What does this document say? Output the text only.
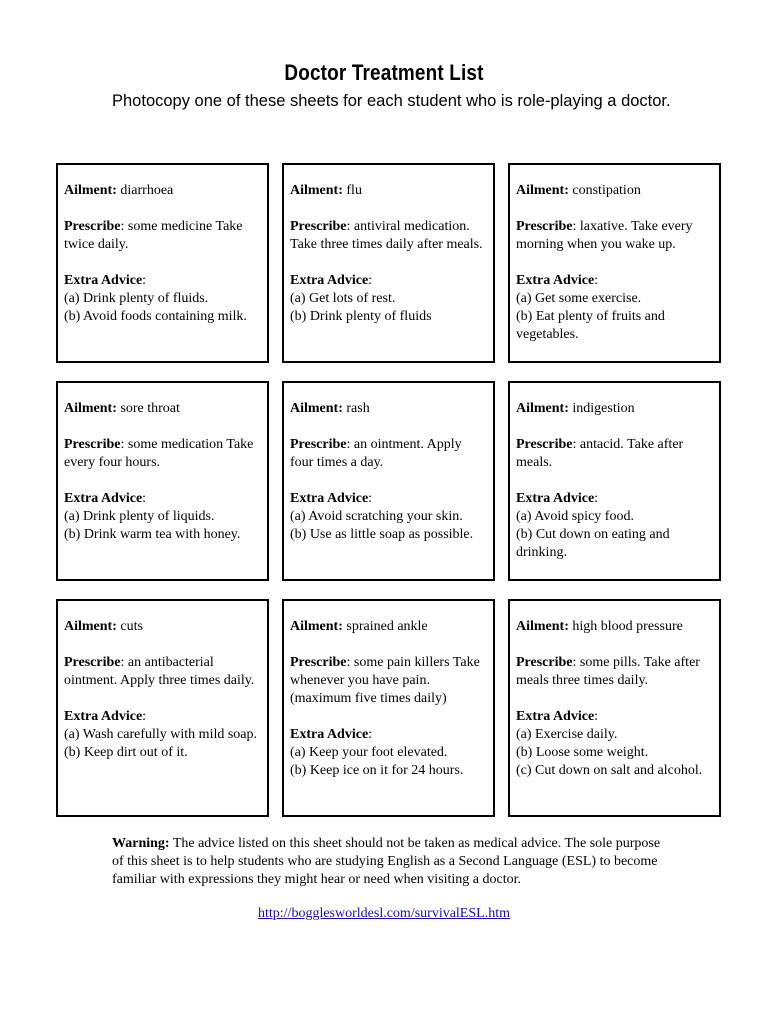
Doctor Treatment List
Photocopy one of these sheets for each student who is role-playing a doctor.

Ailment: diarrhoea

Prescribe: some medicine Take twice daily.

Extra Advice:

(a) Drink plenty of fluids.

(b) Avoid foods containing milk.

Ailment: flu

Prescribe: antiviral medication. Take three times daily after meals.

Extra Advice:

(a) Get lots of rest.

(b) Drink plenty of fluids

Ailment: constipation

Prescribe: laxative. Take every morning when you wake up.

Extra Advice:

(a) Get some exercise.

(b) Eat plenty of fruits and vegetables.

Ailment: sore throat

Prescribe: some medication Take every four hours.

Extra Advice:

(a) Drink plenty of liquids.

(b) Drink warm tea with honey.

Ailment: rash

Prescribe: an ointment. Apply four times a day.

Extra Advice:

(a) Avoid scratching your skin.

(b) Use as little soap as possible.

Ailment: indigestion

Prescribe: antacid. Take after meals.

Extra Advice:

(a) Avoid spicy food.

(b) Cut down on eating and drinking.

Ailment: cuts

Prescribe: an antibacterial ointment. Apply three times daily.

Extra Advice:

(a) Wash carefully with mild soap.

(b) Keep dirt out of it.

Ailment: sprained ankle

Prescribe: some pain killers Take whenever you have pain. (maximum five times daily)

Extra Advice:

(a) Keep your foot elevated.

(b) Keep ice on it for 24 hours.

Ailment: high blood pressure

Prescribe: some pills. Take after meals three times daily.

Extra Advice:

(a) Exercise daily.

(b) Loose some weight.

(c) Cut down on salt and alcohol.

Warning: The advice listed on this sheet should not be taken as medical advice. The sole purpose of this sheet is to help students who are studying English as a Second Language (ESL) to become familiar with expressions they might hear or need when visiting a doctor.
http://bogglesworldesl.com/survivalESL.htm
